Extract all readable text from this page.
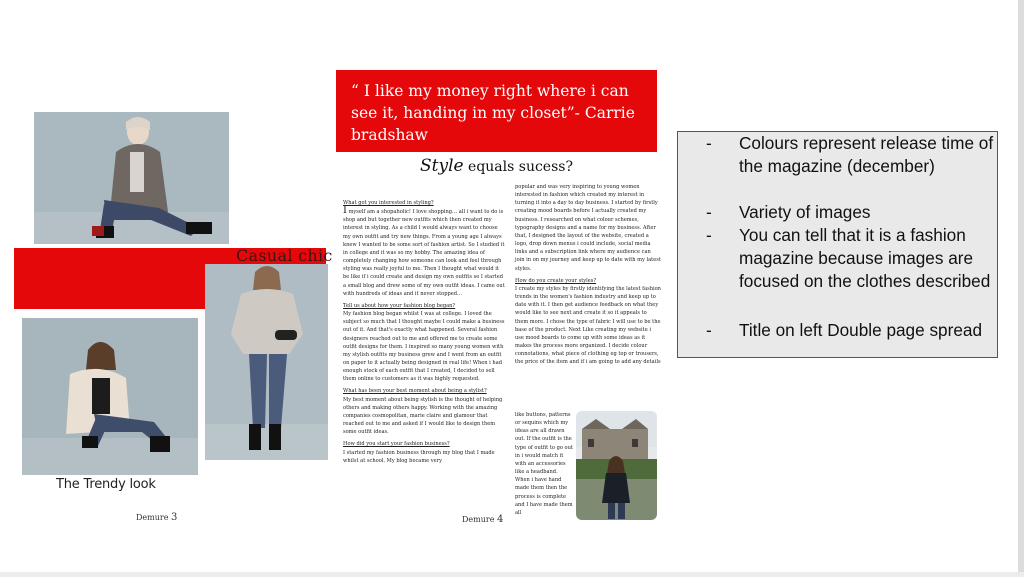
Casual chic
The Trendy look
Demure 3
“ I like my money right where i can see it, handing in my closet”- Carrie bradshaw
Style equals sucess?
What got you interested in styling?

I myself am a shopaholic! I love shopping… all i want to do is shop and but together new outfits which then created my interest in styling. As a child I would always want to choose my own outfit and try new things. From a young age I always knew I wanted to be some sort of fashion artist. So I studied it in college and it was so my hobby. The amazing idea of completely changing how someone can look and feel through styling was really joyful to me. Then I thought what would it be like if i could create and design my own outfits so I started a small blog and drew some of my own outfit ideas. I came out with hundreds of ideas and it never stopped…

Tell us about how your fashion blog began?

My fashion blog began whilst I was at college. I loved the subject so much that I thought maybe I could make a business out of it. And that's exactly what happened. Several fashion designers reached out to me and offered me to create some outfit designs for them. I inspired so many young women with my stylish outfits my business grew and I went from an outfit on paper to it actually being designed in real life! When i had enough stock of each outfit that I created, I decided to sell them online to customers as it was highly requested.

What has been your best moment about being a stylist?

My best moment about being stylish is the thought of helping others and making others happy. Working with the amazing companies cosmopolitan, marie claire and glamour that reached out to me and asked if I would like to design them some outfit ideas.

How did you start your fashion business?

I started my fashion business through my blog that I made whilst at school. My blog became very

popular and was very inspiring to young women interested in fashion which created my interest in turning it into a day to day business. I started by firstly creating mood boards before I actually created my business. I researched on what colour schemes, typography designs and a name for my business. After that, I designed the layout of the website, created a logo, drop down menus i could include, social media links and a subscription link where my audience can join in on my journey and keep up to date with my latest styles.

How do you create your styles?

I create my styles by firstly identifying the latest fashion trends in the women's fashion industry and keep up to date with it. I then get audience feedback on what they would like to see next and create it so it appeals to them more. I chose the type of fabric I will use to be the base of the product. Next Like creating my website i use mood boards to come up with some ideas as it makes the process more organized. I decide colour connotations, what piece of clothing eg top or trousers, the price of the item and if i am going to add any details

like buttons, patterns or sequins which my ideas are all drawn out. If the outfit is the type of outfit to go out in i would match it with an accessories like a headband. When i have hand made them then the process is complete and I have made them all
Demure 4
- Colours represent release time of the magazine (december)
- Variety of images
- You can tell that it is a fashion magazine because images are focused on the clothes described
- Title on left Double page spread
